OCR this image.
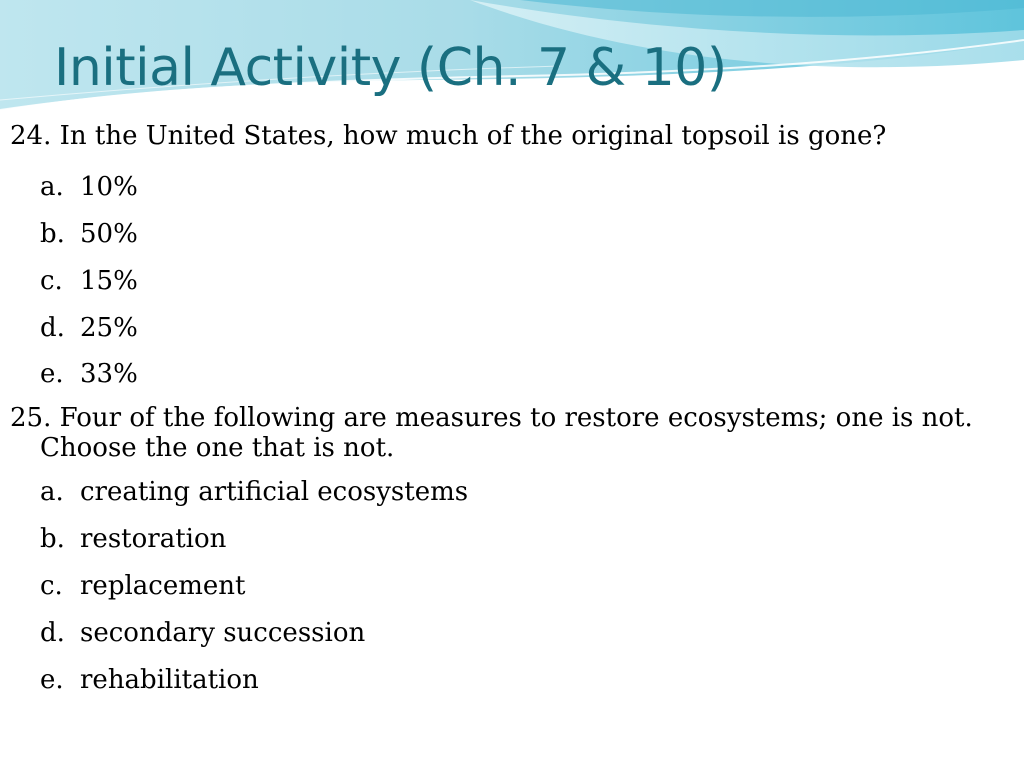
Initial Activity (Ch. 7 & 10)

24. In the United States, how much of the original topsoil is gone?

a. 10%
b. 50%
c. 15%
d. 25%
e. 33%

25. Four of the following are measures to restore ecosystems; one is not. Choose the one that is not.

a. creating artificial ecosystems
b. restoration
c. replacement
d. secondary succession
e. rehabilitation
